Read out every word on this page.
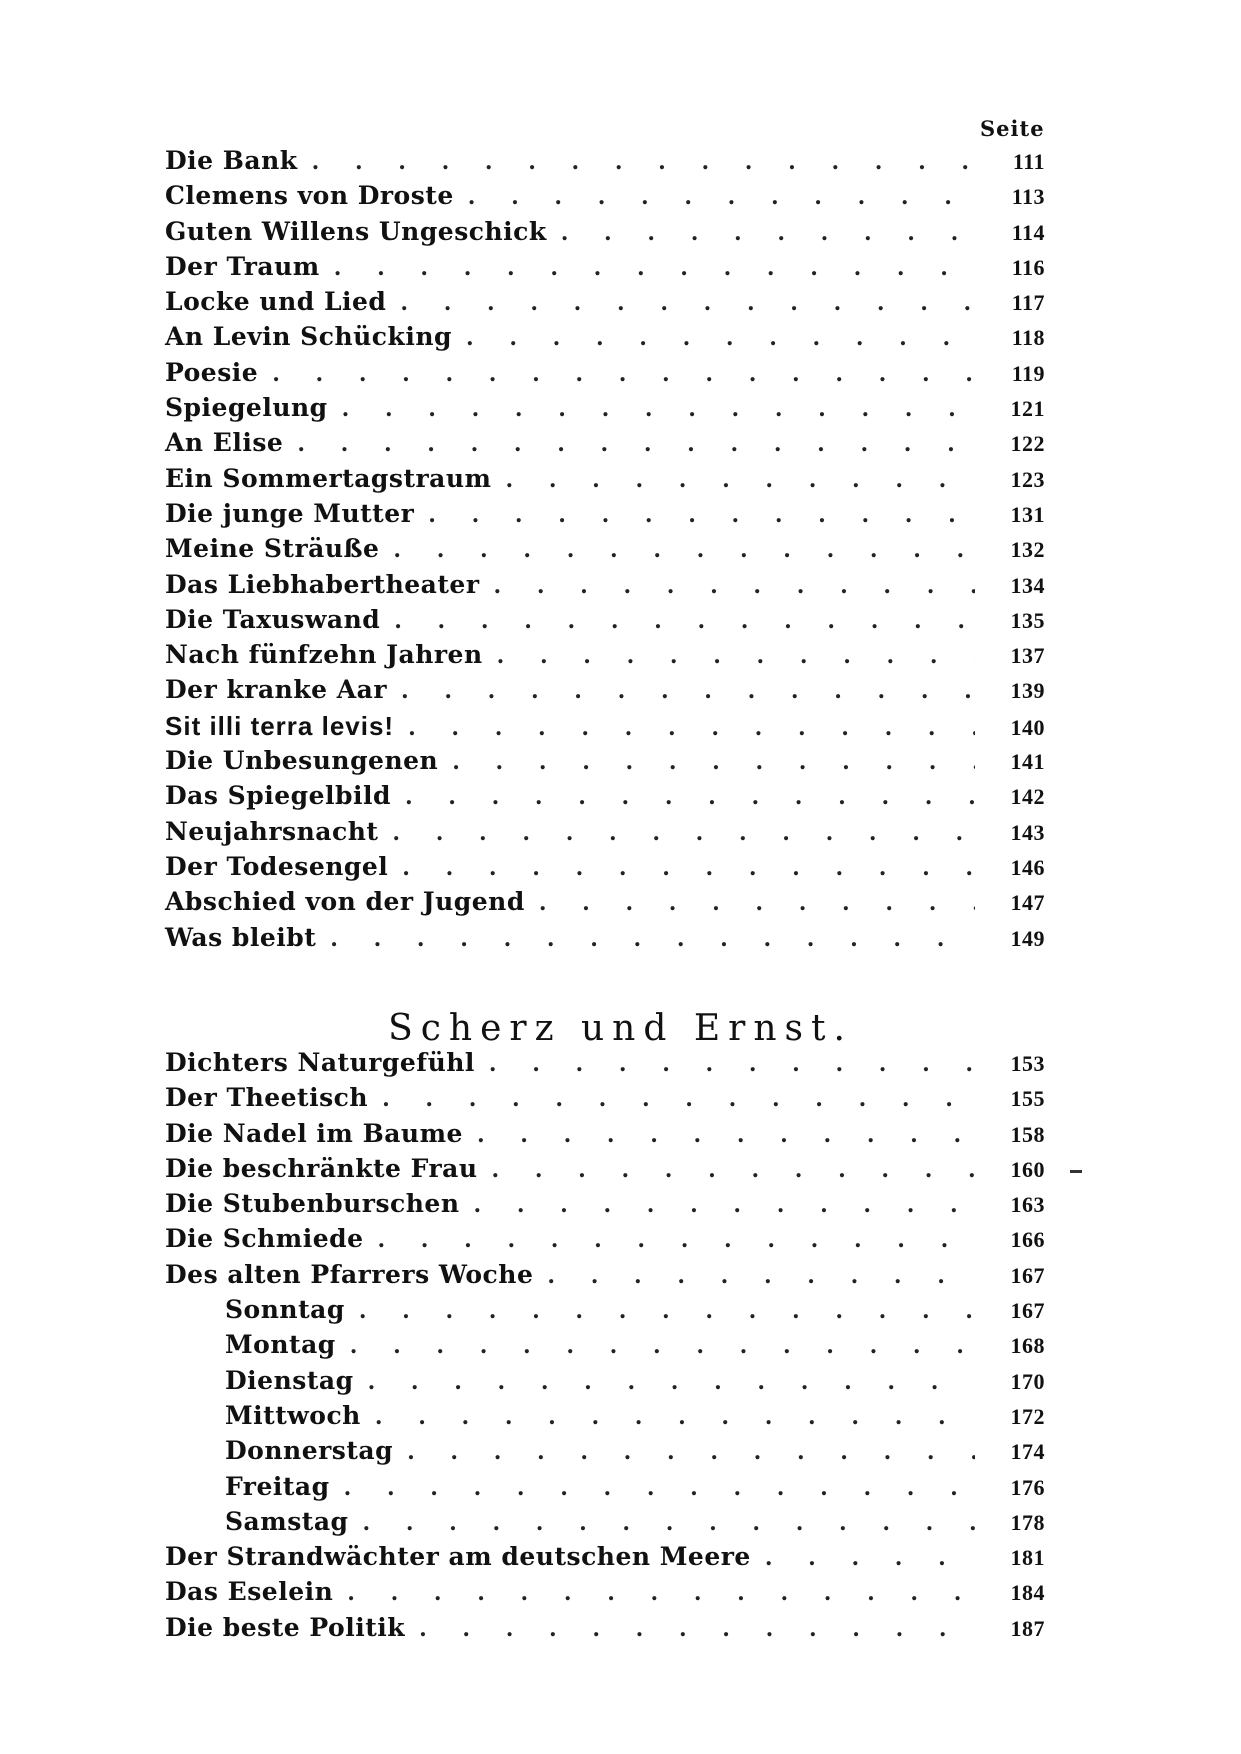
Seite
Die Bank . . .	111
Clemens von Droste . . .	113
Guten Willens Ungeschick . . .	114
Der Traum . . .	116
Locke und Lied . . .	117
An Levin Schücking . . .	118
Poesie . . .	119
Spiegelung . . .	121
An Elise . . .	122
Ein Sommertagstraum . . .	123
Die junge Mutter . . .	131
Meine Sträuße . . .	132
Das Liebhabertheater . . .	134
Die Taxuswand . . .	135
Nach fünfzehn Jahren . . .	137
Der kranke Aar . . .	139
Sit illi terra levis! . . .	140
Die Unbesungenen . . .	141
Das Spiegelbild . . .	142
Neujahrsnacht . . .	143
Der Todesengel . . .	146
Abschied von der Jugend . . .	147
Was bleibt . . .	149
Scherz und Ernst.
Dichters Naturgefühl . . .	153
Der Theetisch . . .	155
Die Nadel im Baume . . .	158
Die beschränkte Frau . . .	160
Die Stubenburschen . . .	163
Die Schmiede . . .	166
Des alten Pfarrers Woche . . .	167
Sonntag . . .	167
Montag . . .	168
Dienstag . . .	170
Mittwoch . . .	172
Donnerstag . . .	174
Freitag . . .	176
Samstag . . .	178
Der Strandwächter am deutschen Meere . . .	181
Das Eselein . . .	184
Die beste Politik . . .	187
